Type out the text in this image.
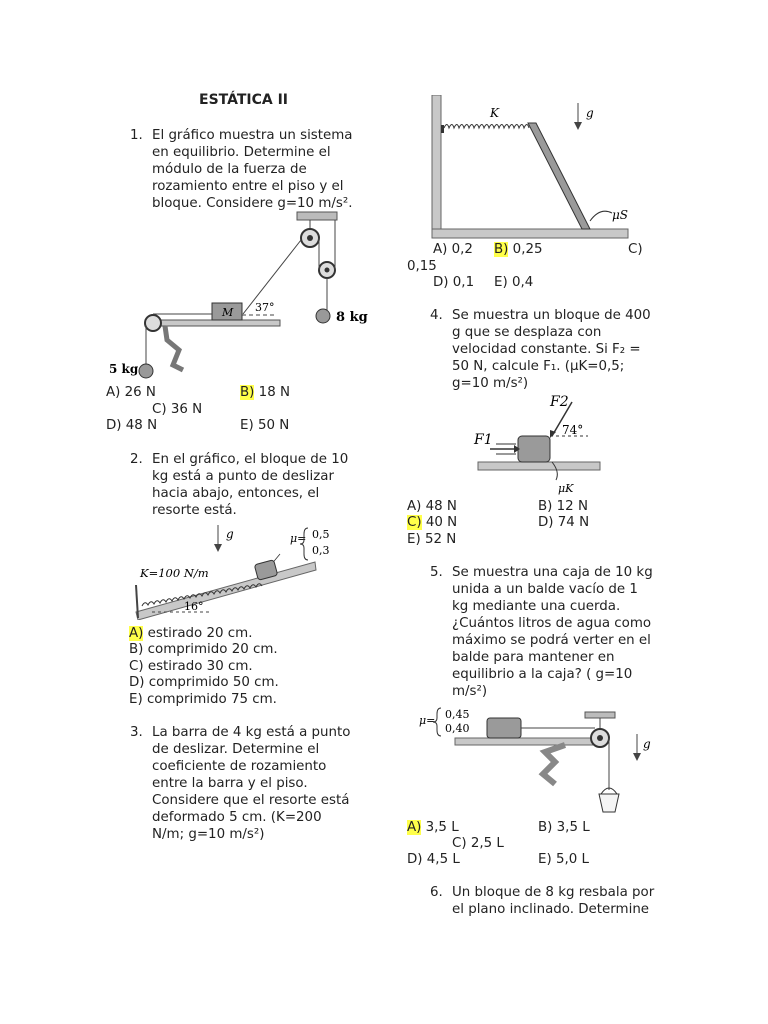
ESTÁTICA II
1. El gráfico muestra un sistema
en equilibrio. Determine el
módulo de la fuerza de
rozamiento entre el piso y el
bloque. Considere g=10 m/s².
8 kg
M 37°
5 kg
A) 26 N	B) 18 N
C) 36 N
D) 48 N	E) 50 N
2. En el gráfico, el bloque de 10
kg está a punto de deslizar
hacia abajo, entonces, el
resorte está.
g	μ= 0,5
0,3
K=100 N/m
16°
A) estirado 20 cm.
B) comprimido 20 cm.
C) estirado 30 cm.
D) comprimido 50 cm.
E) comprimido 75 cm.
3. La barra de 4 kg está a punto
de deslizar. Determine el
coeficiente de rozamiento
entre la barra y el piso.
Considere que el resorte está
deformado 5 cm. (K=200
N/m; g=10 m/s²)
K	g
μS
A) 0,2 B) 0,25	C)
0,15
D) 0,1 E) 0,4
4. Se muestra un bloque de 400
g que se desplaza con
velocidad constante. Si F₂ =
50 N, calcule F₁. (μK=0,5;
g=10 m/s²)
F1
F2
74°
μK
A) 48 N	B) 12 N
C) 40 N	D) 74 N
E) 52 N
5. Se muestra una caja de 10 kg
unida a un balde vacío de 1
kg mediante una cuerda.
¿Cuántos litros de agua como
máximo se podrá verter en el
balde para mantener en
equilibrio a la caja? ( g=10
m/s²)
μ= 0,45
0,40
g
A) 3,5 L	B) 3,5 L
C) 2,5 L
D) 4,5 L	E) 5,0 L
6. Un bloque de 8 kg resbala por
el plano inclinado. Determine
